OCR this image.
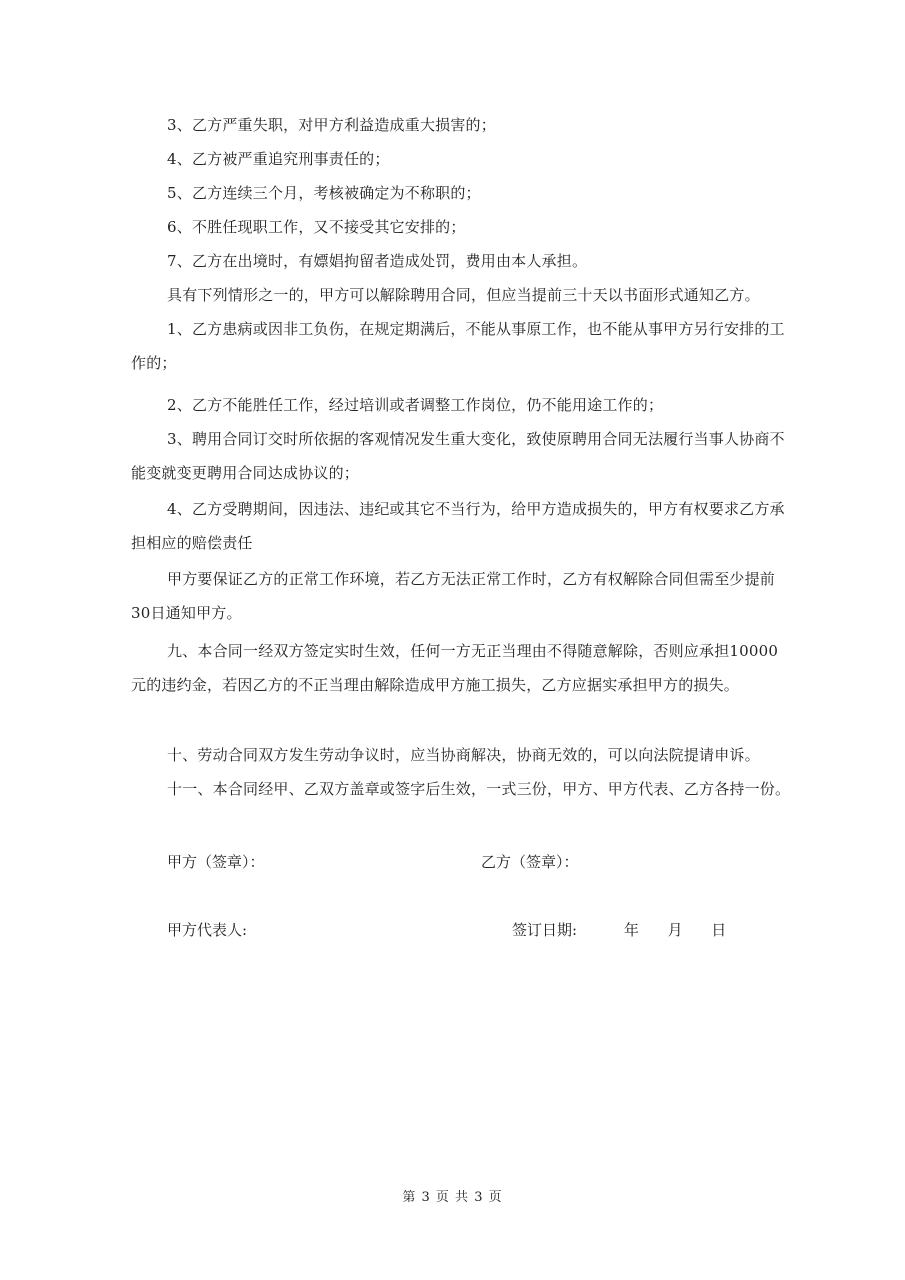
3、乙方严重失职，对甲方利益造成重大损害的；

4、乙方被严重追究刑事责任的；

5、乙方连续三个月，考核被确定为不称职的；

6、不胜任现职工作，又不接受其它安排的；

7、乙方在出境时，有嫖娼拘留者造成处罚，费用由本人承担。

具有下列情形之一的，甲方可以解除聘用合同，但应当提前三十天以书面形式通知乙方。

1、乙方患病或因非工负伤，在规定期满后，不能从事原工作，也不能从事甲方另行安排的工作的；

2、乙方不能胜任工作，经过培训或者调整工作岗位，仍不能用途工作的；

3、聘用合同订交时所依据的客观情况发生重大变化，致使原聘用合同无法履行当事人协商不能变就变更聘用合同达成协议的；

4、乙方受聘期间，因违法、违纪或其它不当行为，给甲方造成损失的，甲方有权要求乙方承担相应的赔偿责任

甲方要保证乙方的正常工作环境，若乙方无法正常工作时，乙方有权解除合同但需至少提前30日通知甲方。

九、本合同一经双方签定实时生效，任何一方无正当理由不得随意解除，否则应承担10000元的违约金，若因乙方的不正当理由解除造成甲方施工损失，乙方应据实承担甲方的损失。

十、劳动合同双方发生劳动争议时，应当协商解决，协商无效的，可以向法院提请申诉。

十一、本合同经甲、乙双方盖章或签字后生效，一式三份，甲方、甲方代表、乙方各持一份。

甲方（签章）：	乙方（签章）：

甲方代表人:	签订日期:	年      月      日

第 3 页 共 3 页
